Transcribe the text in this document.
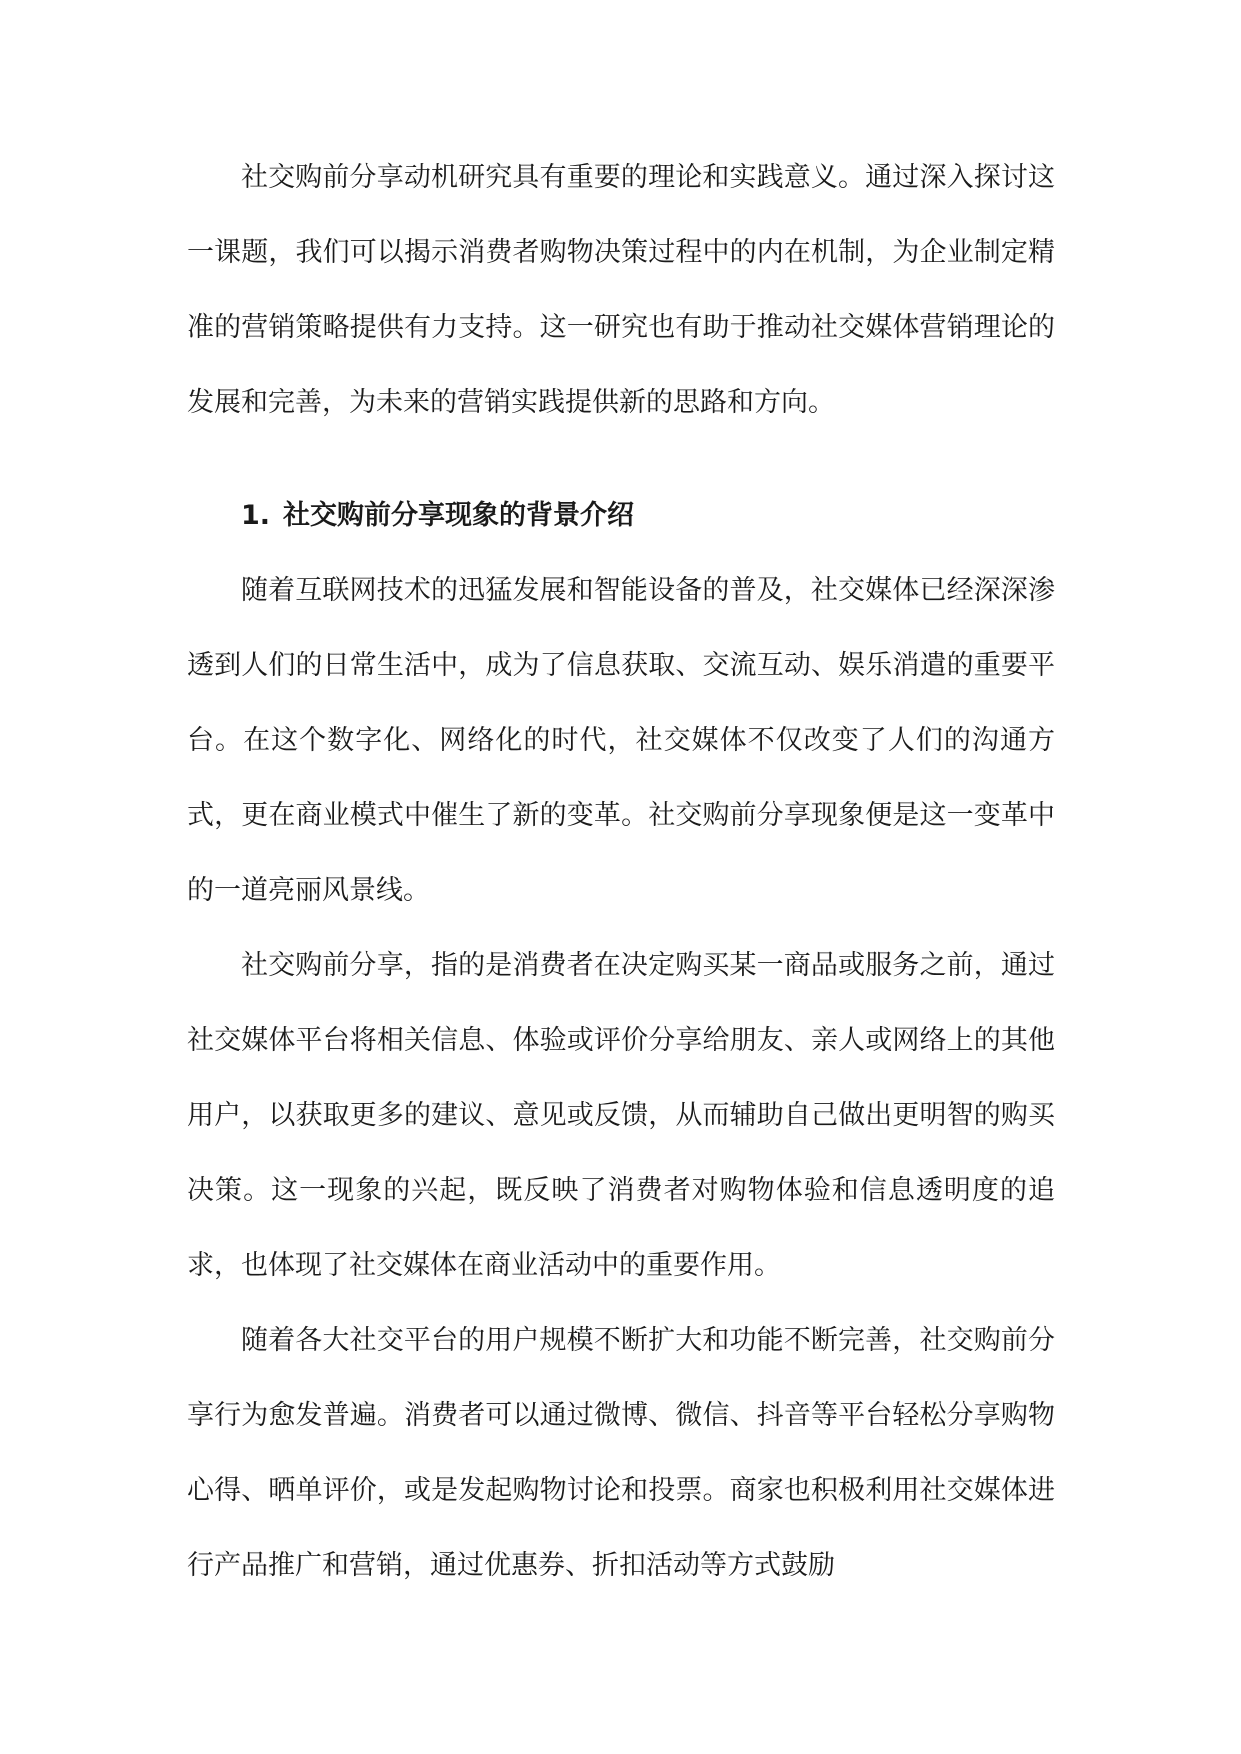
社交购前分享动机研究具有重要的理论和实践意义。通过深入探讨这一课题，我们可以揭示消费者购物决策过程中的内在机制，为企业制定精准的营销策略提供有力支持。这一研究也有助于推动社交媒体营销理论的发展和完善，为未来的营销实践提供新的思路和方向。

1. 社交购前分享现象的背景介绍

随着互联网技术的迅猛发展和智能设备的普及，社交媒体已经深深渗透到人们的日常生活中，成为了信息获取、交流互动、娱乐消遣的重要平台。在这个数字化、网络化的时代，社交媒体不仅改变了人们的沟通方式，更在商业模式中催生了新的变革。社交购前分享现象便是这一变革中的一道亮丽风景线。

社交购前分享，指的是消费者在决定购买某一商品或服务之前，通过社交媒体平台将相关信息、体验或评价分享给朋友、亲人或网络上的其他用户，以获取更多的建议、意见或反馈，从而辅助自己做出更明智的购买决策。这一现象的兴起，既反映了消费者对购物体验和信息透明度的追求，也体现了社交媒体在商业活动中的重要作用。

随着各大社交平台的用户规模不断扩大和功能不断完善，社交购前分享行为愈发普遍。消费者可以通过微博、微信、抖音等平台轻松分享购物心得、晒单评价，或是发起购物讨论和投票。商家也积极利用社交媒体进行产品推广和营销，通过优惠券、折扣活动等方式鼓励
